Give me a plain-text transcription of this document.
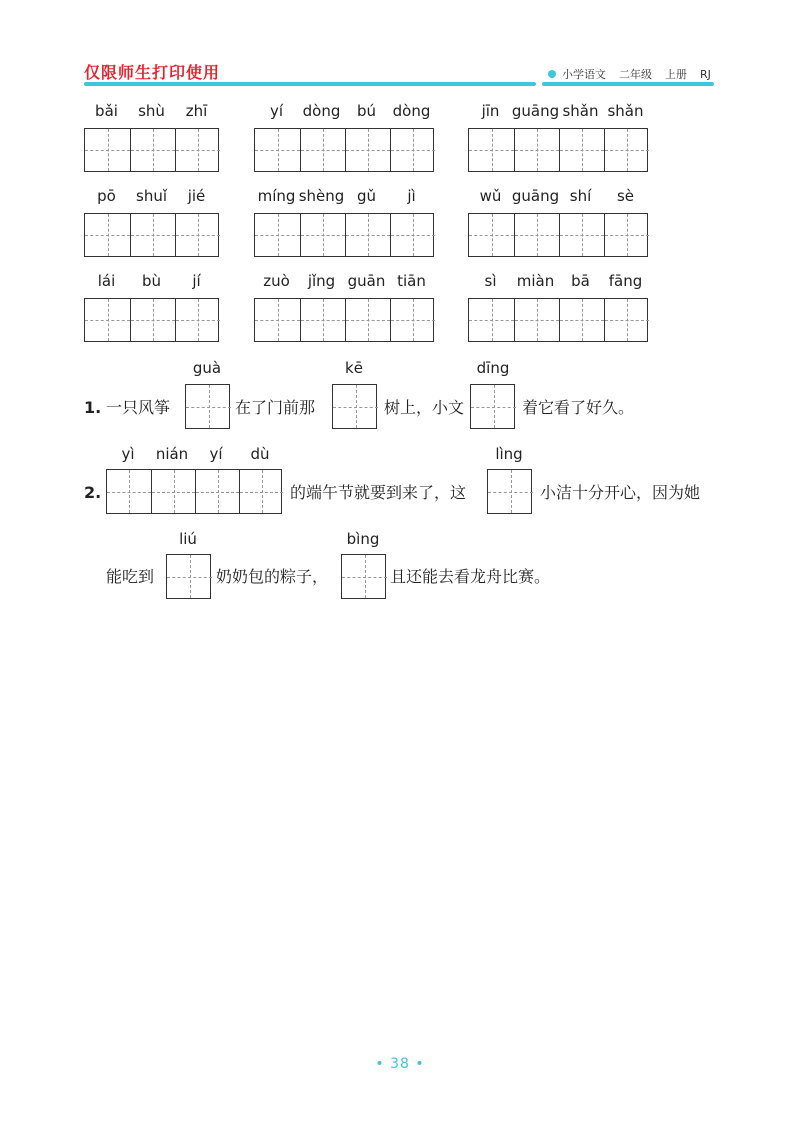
仅限师生打印使用	小学语文 二年级 上册 RJ
bǎi shù zhī	yí dòng bú dòng	jīn guāng shǎn shǎn
pō shuǐ jié	míng shèng gǔ jì	wǔ guāng shí sè
lái bù jí	zuò jǐng guān tiān	sì miàn bā fāng
1. 一只风筝	在了门前那	树上，小文	着它看了好久。
guà	kē	dīng
2.	的端午节就要到来了，这	小洁十分开心，因为她
能吃到	奶奶包的粽子，	且还能去看龙舟比赛。
yì nián yí dù	lìng
liú	bìng
• 38 •
